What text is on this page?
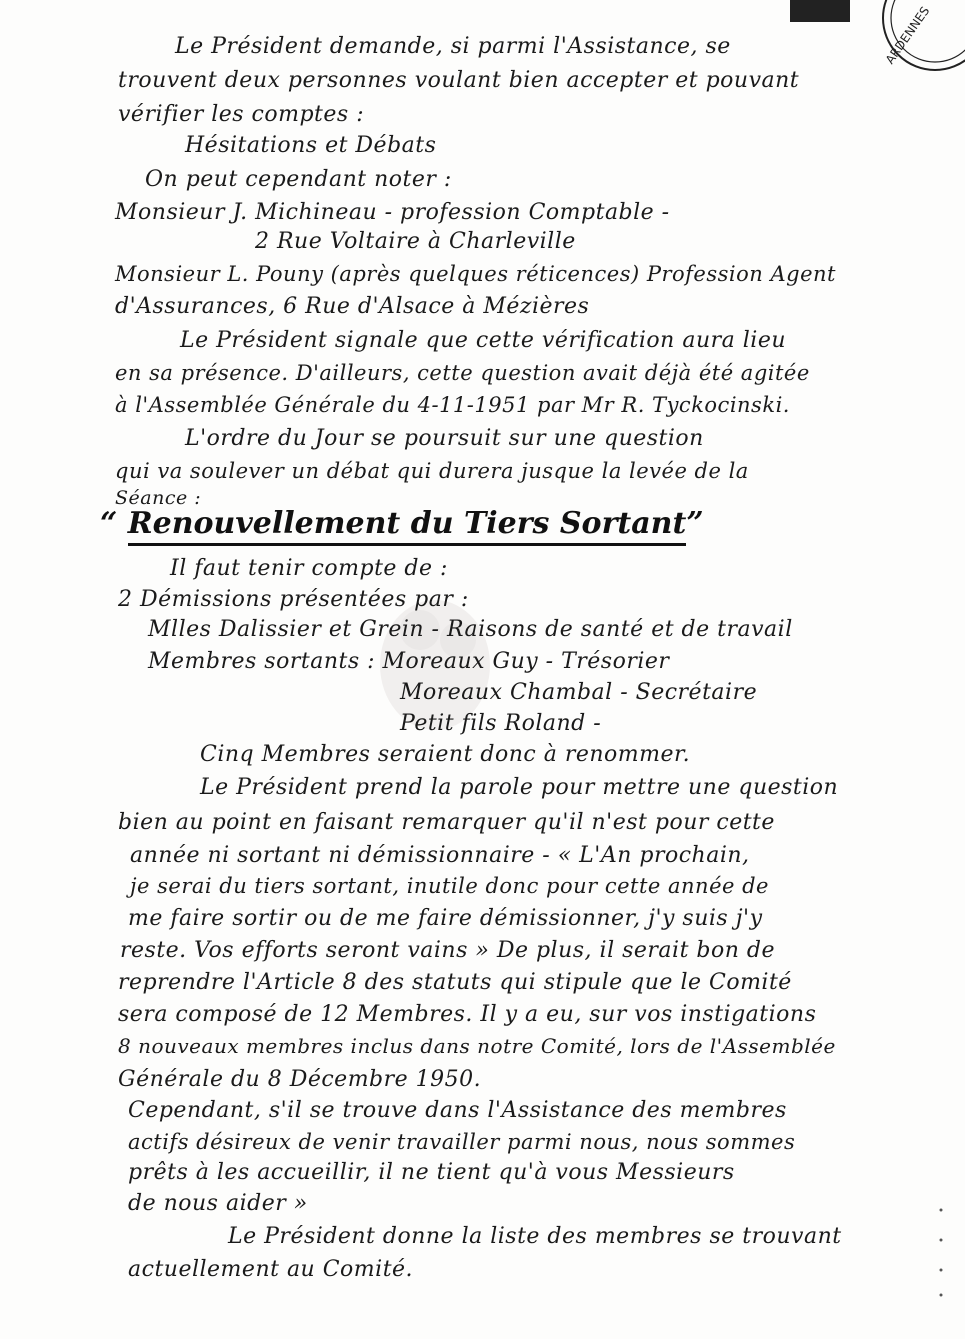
ARDENNES
Le Président demande, si parmi l'Assistance, se
trouvent deux personnes voulant bien accepter et pouvant
vérifier les comptes :
Hésitations et Débats
On peut cependant noter :
Monsieur J. Michineau - profession Comptable -
2 Rue Voltaire à Charleville
Monsieur L. Pouny (après quelques réticences) Profession Agent
d'Assurances, 6 Rue d'Alsace à Mézières
Le Président signale que cette vérification aura lieu
en sa présence. D'ailleurs, cette question avait déjà été agitée
à l'Assemblée Générale du 4-11-1951 par Mr R. Tyckocinski.
L'ordre du Jour se poursuit sur une question
qui va soulever un débat qui durera jusque la levée de la
Séance :
“ Renouvellement du Tiers Sortant”
Il faut tenir compte de :
2 Démissions présentées par :
Mlles Dalissier et Grein - Raisons de santé et de travail
Membres sortants : Moreaux Guy - Trésorier
Moreaux Chambal - Secrétaire
Petit fils Roland -
Cinq Membres seraient donc à renommer.
Le Président prend la parole pour mettre une question
bien au point en faisant remarquer qu'il n'est pour cette
année ni sortant ni démissionnaire - « L'An prochain,
je serai du tiers sortant, inutile donc pour cette année de
me faire sortir ou de me faire démissionner, j'y suis j'y
reste. Vos efforts seront vains » De plus, il serait bon de
reprendre l'Article 8 des statuts qui stipule que le Comité
sera composé de 12 Membres. Il y a eu, sur vos instigations
8 nouveaux membres inclus dans notre Comité, lors de l'Assemblée
Générale du 8 Décembre 1950.
Cependant, s'il se trouve dans l'Assistance des membres
actifs désireux de venir travailler parmi nous, nous sommes
prêts à les accueillir, il ne tient qu'à vous Messieurs
de nous aider »
Le Président donne la liste des membres se trouvant
actuellement au Comité.
